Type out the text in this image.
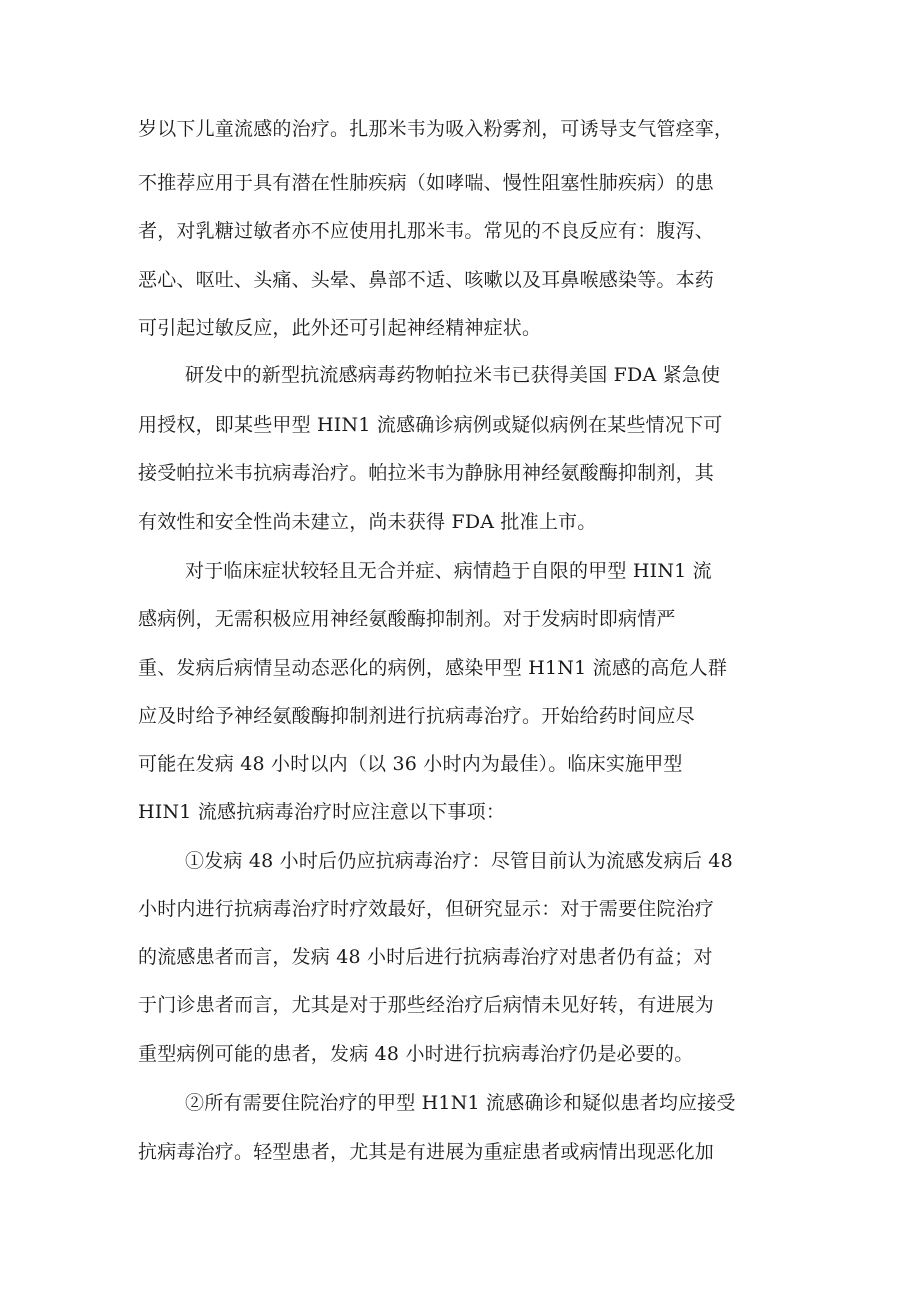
岁以下儿童流感的治疗。扎那米韦为吸入粉雾剂，可诱导支气管痉挛，
不推荐应用于具有潜在性肺疾病（如哮喘、慢性阻塞性肺疾病）的患
者，对乳糖过敏者亦不应使用扎那米韦。常见的不良反应有：腹泻、
恶心、呕吐、头痛、头晕、鼻部不适、咳嗽以及耳鼻喉感染等。本药
可引起过敏反应，此外还可引起神经精神症状。
研发中的新型抗流感病毒药物帕拉米韦已获得美国 FDA 紧急使
用授权，即某些甲型 HIN1 流感确诊病例或疑似病例在某些情况下可
接受帕拉米韦抗病毒治疗。帕拉米韦为静脉用神经氨酸酶抑制剂，其
有效性和安全性尚未建立，尚未获得 FDA 批准上市。
对于临床症状较轻且无合并症、病情趋于自限的甲型 HIN1 流
感病例，无需积极应用神经氨酸酶抑制剂。对于发病时即病情严
重、发病后病情呈动态恶化的病例，感染甲型 H1N1 流感的高危人群
应及时给予神经氨酸酶抑制剂进行抗病毒治疗。开始给药时间应尽
可能在发病 48 小时以内（以 36 小时内为最佳）。临床实施甲型
HIN1 流感抗病毒治疗时应注意以下事项：
①发病 48 小时后仍应抗病毒治疗：尽管目前认为流感发病后 48
小时内进行抗病毒治疗时疗效最好，但研究显示：对于需要住院治疗
的流感患者而言，发病 48 小时后进行抗病毒治疗对患者仍有益；对
于门诊患者而言，尤其是对于那些经治疗后病情未见好转，有进展为
重型病例可能的患者，发病 48 小时进行抗病毒治疗仍是必要的。
②所有需要住院治疗的甲型 H1N1 流感确诊和疑似患者均应接受
抗病毒治疗。轻型患者，尤其是有进展为重症患者或病情出现恶化加
